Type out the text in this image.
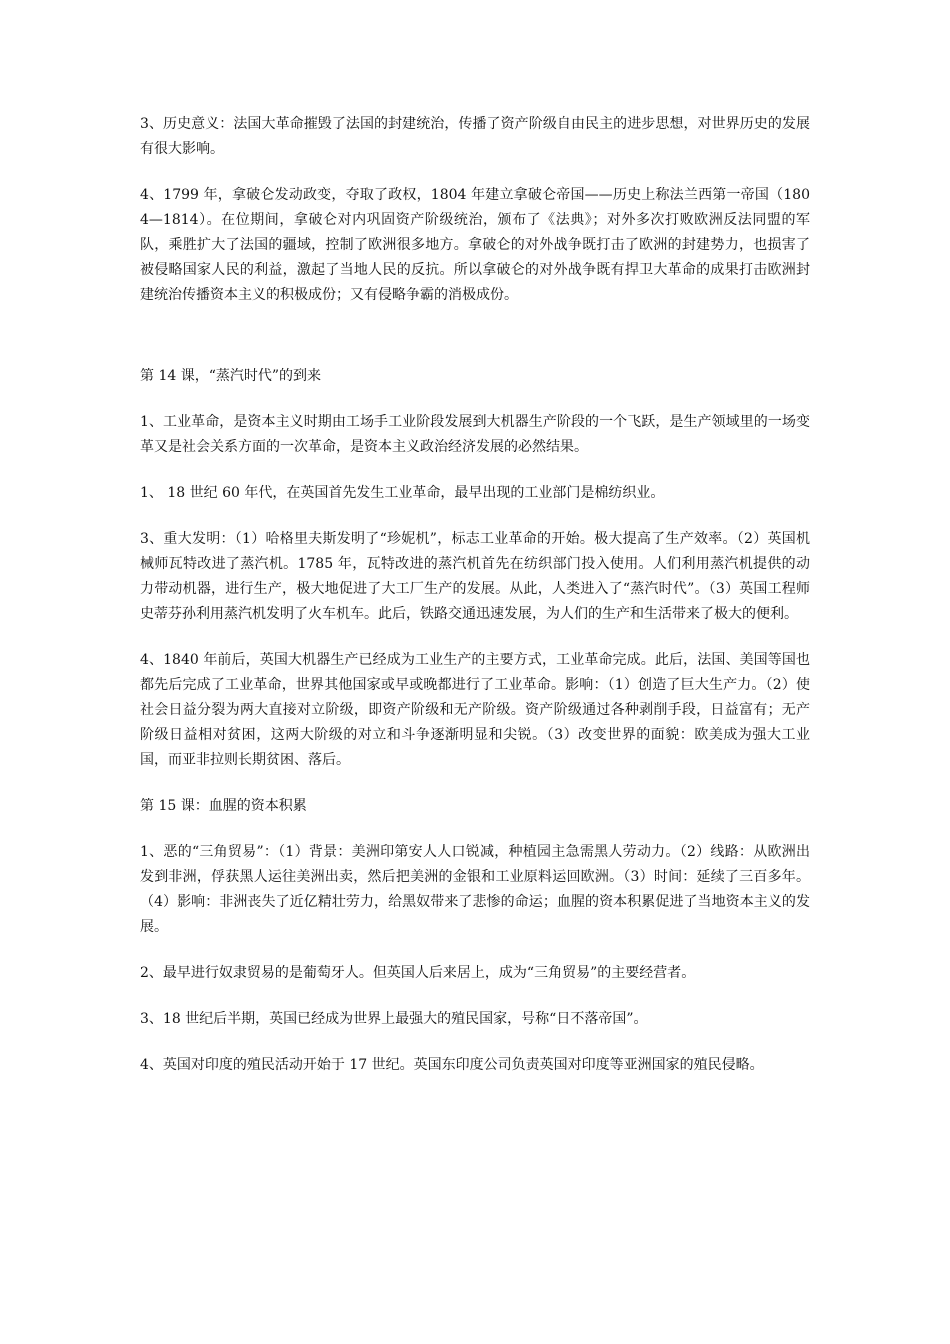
3、历史意义：法国大革命摧毁了法国的封建统治，传播了资产阶级自由民主的进步思想，对世界历史的发展有很大影响。

4、1799 年，拿破仑发动政变，夺取了政权，1804 年建立拿破仑帝国——历史上称法兰西第一帝国（1804—1814）。在位期间，拿破仑对内巩固资产阶级统治，颁布了《法典》；对外多次打败欧洲反法同盟的军队，乘胜扩大了法国的疆域，控制了欧洲很多地方。拿破仑的对外战争既打击了欧洲的封建势力，也损害了被侵略国家人民的利益，激起了当地人民的反抗。所以拿破仑的对外战争既有捍卫大革命的成果打击欧洲封建统治传播资本主义的积极成份；又有侵略争霸的消极成份。

第 14 课，“蒸汽时代”的到来

1、工业革命，是资本主义时期由工场手工业阶段发展到大机器生产阶段的一个飞跃，是生产领域里的一场变革又是社会关系方面的一次革命，是资本主义政治经济发展的必然结果。

1、 18 世纪 60 年代，在英国首先发生工业革命，最早出现的工业部门是棉纺织业。

3、重大发明：（1）哈格里夫斯发明了“珍妮机”，标志工业革命的开始。极大提高了生产效率。（2）英国机械师瓦特改进了蒸汽机。1785 年，瓦特改进的蒸汽机首先在纺织部门投入使用。人们利用蒸汽机提供的动力带动机器，进行生产，极大地促进了大工厂生产的发展。从此，人类进入了“蒸汽时代”。（3）英国工程师史蒂芬孙利用蒸汽机发明了火车机车。此后，铁路交通迅速发展，为人们的生产和生活带来了极大的便利。

4、1840 年前后，英国大机器生产已经成为工业生产的主要方式，工业革命完成。此后，法国、美国等国也都先后完成了工业革命，世界其他国家或早或晚都进行了工业革命。影响：（1）创造了巨大生产力。（2）使社会日益分裂为两大直接对立阶级，即资产阶级和无产阶级。资产阶级通过各种剥削手段，日益富有；无产阶级日益相对贫困，这两大阶级的对立和斗争逐渐明显和尖锐。（3）改变世界的面貌：欧美成为强大工业国，而亚非拉则长期贫困、落后。

第 15 课：血腥的资本积累

1、恶的“三角贸易”：（1）背景：美洲印第安人人口锐减，种植园主急需黑人劳动力。（2）线路：从欧洲出发到非洲，俘获黑人运往美洲出卖，然后把美洲的金银和工业原料运回欧洲。（3）时间：延续了三百多年。（4）影响：非洲丧失了近亿精壮劳力，给黑奴带来了悲惨的命运；血腥的资本积累促进了当地资本主义的发展。

2、最早进行奴隶贸易的是葡萄牙人。但英国人后来居上，成为“三角贸易”的主要经营者。

3、18 世纪后半期，英国已经成为世界上最强大的殖民国家，号称“日不落帝国”。

4、英国对印度的殖民活动开始于 17 世纪。英国东印度公司负责英国对印度等亚洲国家的殖民侵略。
